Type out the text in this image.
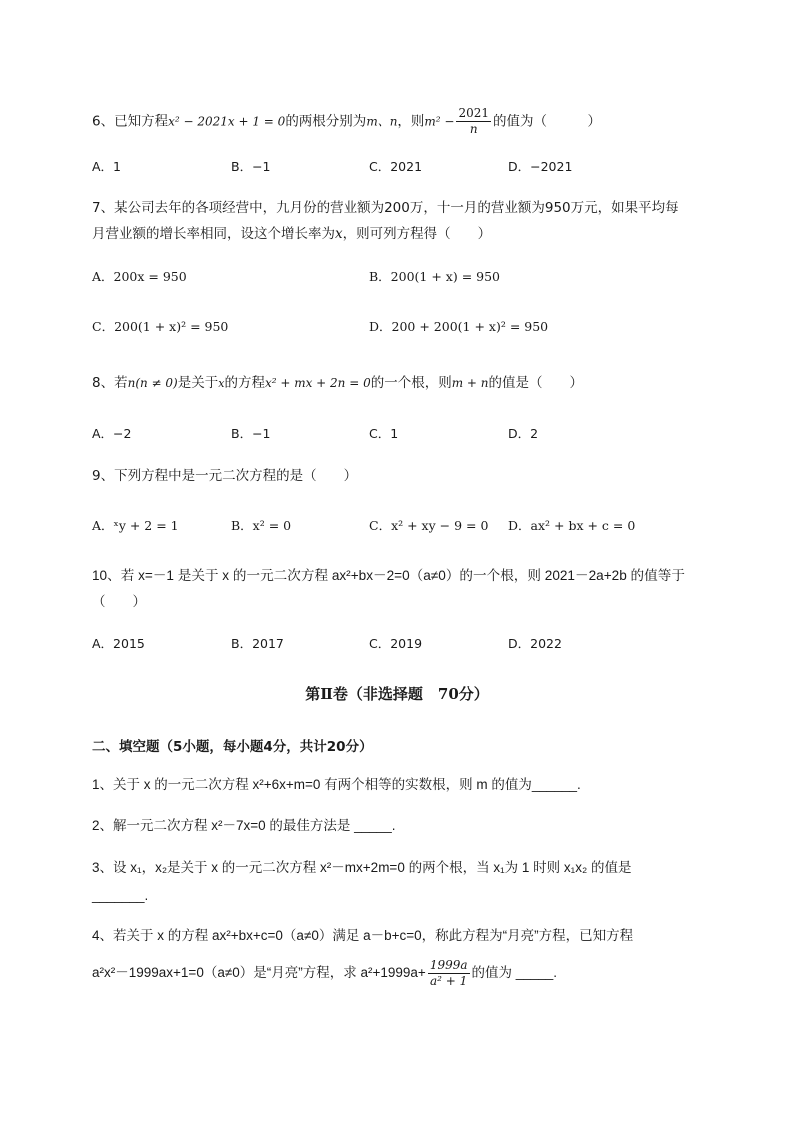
6、已知方程x² − 2021x + 1 = 0的两根分别为m、n，则$m^2 - \frac{2021}{n}$ 的值为（　　　）
A．1	B．−1	C．2021	D．−2021
7、某公司去年的各项经营中，九月份的营业额为200万，十一月的营业额为950万元，如果平均每
月营业额的增长率相同，设这个增长率为x，则可列方程得（　　）
A．200x = 950	B．200(1 + x) = 950
C．200(1 + x)² = 950	D．200 + 200(1 + x)² = 950
8、若n(n ≠ 0)是关于x的方程x² + mx + 2n = 0的一个根，则m + n的值是（　　）
A．−2	B．−1	C．1	D．2
9、下列方程中是一元二次方程的是（　　）
A．ˣy + 2 = 1	B．x² = 0	C．x² + xy − 9 = 0 D．ax² + bx + c = 0
10、若 x=－1 是关于 x 的一元二次方程 ax²+bx－2=0（a≠0）的一个根，则 2021－2a+2b 的值等于
（　　）
A．2015	B．2017	C．2019	D．2022
第Ⅱ卷（非选择题　70分）
二、填空题（5小题，每小题4分，共计20分）
1、关于 x 的一元二次方程 x²+6x+m=0 有两个相等的实数根，则 m 的值为______.
2、解一元二次方程 x²－7x=0 的最佳方法是 _____.
3、设 x₁，x₂是关于 x 的一元二次方程 x²－mx+2m=0 的两个根，当 x₁为 1 时则 x₁x₂ 的值是
_______.
4、若关于 x 的方程 ax²+bx+c=0（a≠0）满足 a－b+c=0，称此方程为“月亮”方程，已知方程
a²x²－1999ax+1=0（a≠0）是“月亮”方程，求 $a^2+1999a+ \frac{1999a}{\text{a² + 1}}$ 的值为 _____.
